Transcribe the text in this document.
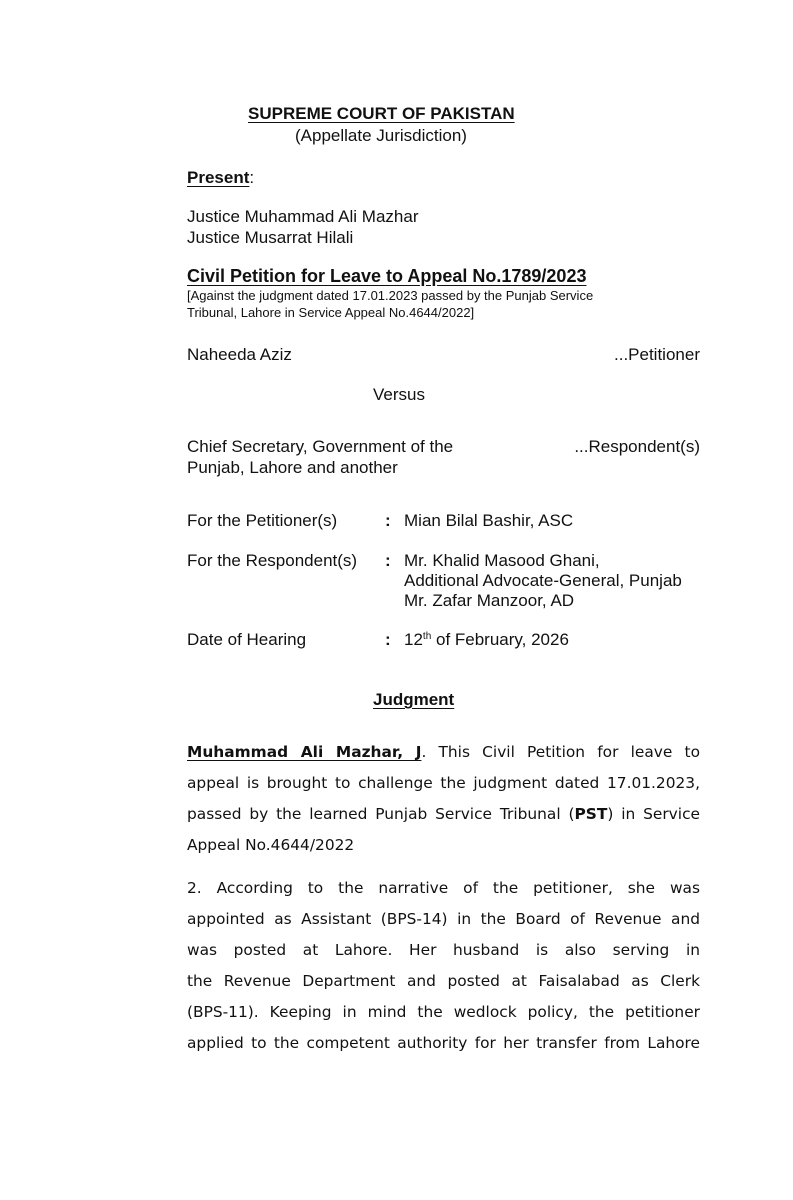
SUPREME COURT OF PAKISTAN
(Appellate Jurisdiction)
Present:
Justice Muhammad Ali Mazhar
Justice Musarrat Hilali
Civil Petition for Leave to Appeal No.1789/2023
[Against the judgment dated 17.01.2023 passed by the Punjab Service
Tribunal, Lahore in Service Appeal No.4644/2022]
Naheeda Aziz	...Petitioner
Versus
Chief Secretary, Government of the
Punjab, Lahore and another
...Respondent(s)
For the Petitioner(s)	: Mian Bilal Bashir, ASC
For the Respondent(s) : Mr. Khalid Masood Ghani,
Additional Advocate-General, Punjab
Mr. Zafar Manzoor, AD
Date of Hearing	: 12th of February, 2026
Judgment
Muhammad Ali Mazhar, J. This Civil Petition for leave to
appeal is brought to challenge the judgment dated 17.01.2023,
passed by the learned Punjab Service Tribunal (PST) in Service
Appeal No.4644/2022
2. According to the narrative of the petitioner, she was
appointed as Assistant (BPS-14) in the Board of Revenue and
was posted at Lahore. Her husband is also serving in
the Revenue Department and posted at Faisalabad as Clerk
(BPS-11). Keeping in mind the wedlock policy, the petitioner
applied to the competent authority for her transfer from Lahore
